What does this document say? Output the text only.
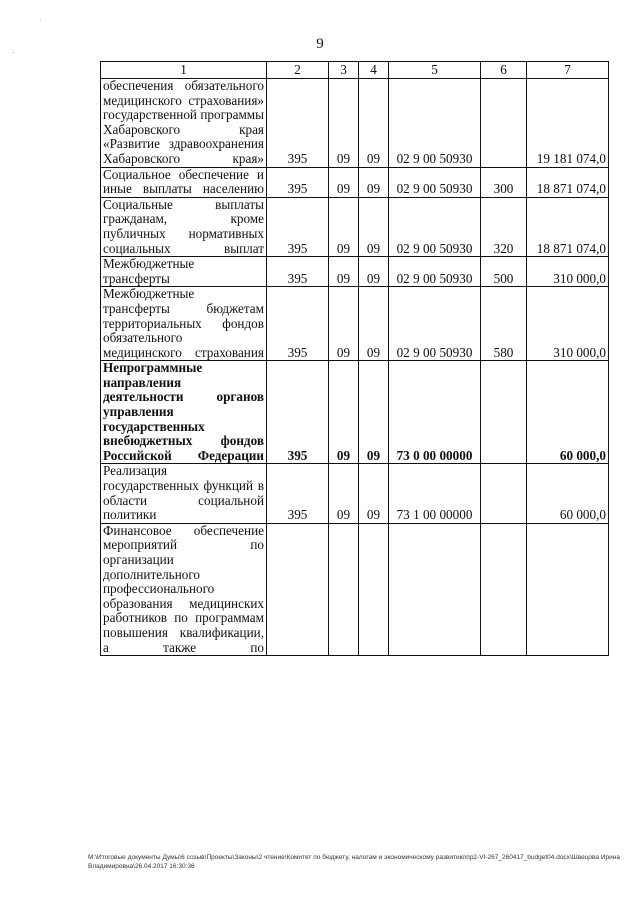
'
-
9
1	2	3	4	5	6	7
обеспечения обязательного медицинского страхования» государственной программы Хабаровского края «Развитие здравоохранения Хабаровского края»	395	09	09	02 9 00 50930		19 181 074,0
Социальное обеспечение и иные выплаты населению	395	09	09	02 9 00 50930	300	18 871 074,0
Социальные выплаты гражданам, кроме публичных нормативных социальных выплат	395	09	09	02 9 00 50930	320	18 871 074,0
Межбюджетные трансферты	395	09	09	02 9 00 50930	500	310 000,0
Межбюджетные трансферты бюджетам территориальных фондов обязательного медицинского страхования	395	09	09	02 9 00 50930	580	310 000,0
Непрограммные направления деятельности органов управления государственных внебюджетных фондов Российской Федерации	395	09	09	73 0 00 00000		60 000,0
Реализация государственных функций в области социальной политики	395	09	09	73 1 00 00000		60 000,0
Финансовое обеспечение мероприятий по организации дополнительного профессионального образования медицинских работников по программам повышения квалификации, а также по						
M:\Итоговые документы Думы\6 созыв\Проекты\Законы\2 чтение\Комитет по бюджету, налогам и экономическому развитию\пр2-VI-267_260417_budget04.docx\Швецова Ирина Владимировна\26.04.2017 16:30:36
